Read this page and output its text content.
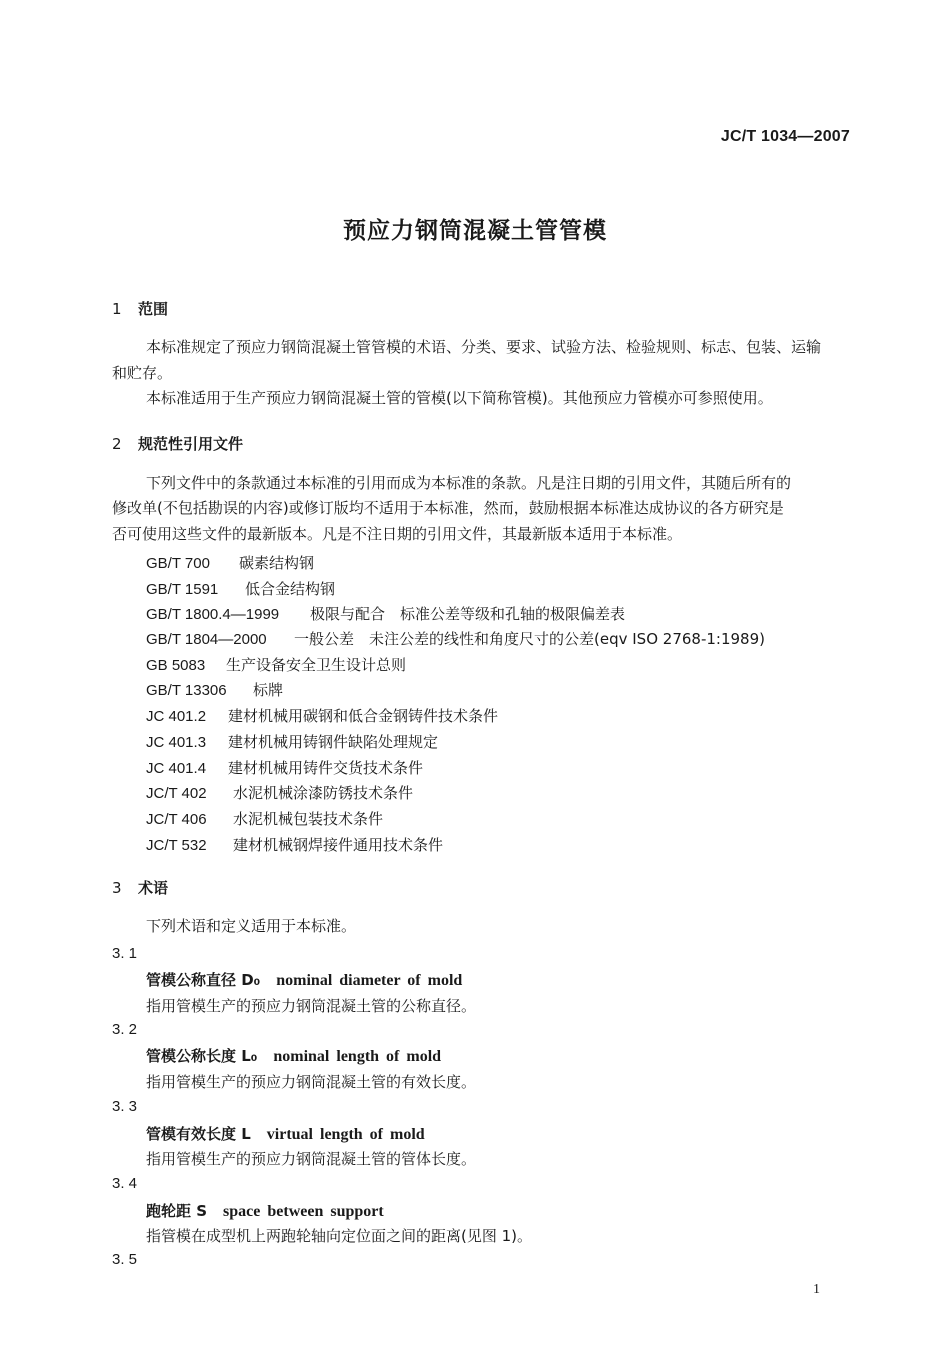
JC/T 1034—2007
预应力钢筒混凝土管管模
1 范围
本标准规定了预应力钢筒混凝土管管模的术语、分类、要求、试验方法、检验规则、标志、包装、运输
和贮存。
本标准适用于生产预应力钢筒混凝土管的管模(以下简称管模)。其他预应力管模亦可参照使用。
2 规范性引用文件
下列文件中的条款通过本标准的引用而成为本标准的条款。凡是注日期的引用文件，其随后所有的
修改单(不包括勘误的内容)或修订版均不适用于本标准，然而，鼓励根据本标准达成协议的各方研究是
否可使用这些文件的最新版本。凡是不注日期的引用文件，其最新版本适用于本标准。
GB/T 700 碳素结构钢
GB/T 1591 低合金结构钢
GB/T 1800.4—1999 极限与配合　标准公差等级和孔轴的极限偏差表
GB/T 1804—2000 一般公差　未注公差的线性和角度尺寸的公差(eqv ISO 2768-1:1989)
GB 5083 生产设备安全卫生设计总则
GB/T 13306 标牌
JC 401.2 建材机械用碳钢和低合金钢铸件技术条件
JC 401.3 建材机械用铸钢件缺陷处理规定
JC 401.4 建材机械用铸件交货技术条件
JC/T 402 水泥机械涂漆防锈技术条件
JC/T 406 水泥机械包装技术条件
JC/T 532 建材机械钢焊接件通用技术条件
3 术语
下列术语和定义适用于本标准。
3. 1
管模公称直径 D₀ nominal diameter of mold
指用管模生产的预应力钢筒混凝土管的公称直径。
3. 2
管模公称长度 L₀ nominal length of mold
指用管模生产的预应力钢筒混凝土管的有效长度。
3. 3
管模有效长度 L virtual length of mold
指用管模生产的预应力钢筒混凝土管的管体长度。
3. 4
跑轮距 S space between support
指管模在成型机上两跑轮轴向定位面之间的距离(见图 1)。
3. 5
1
